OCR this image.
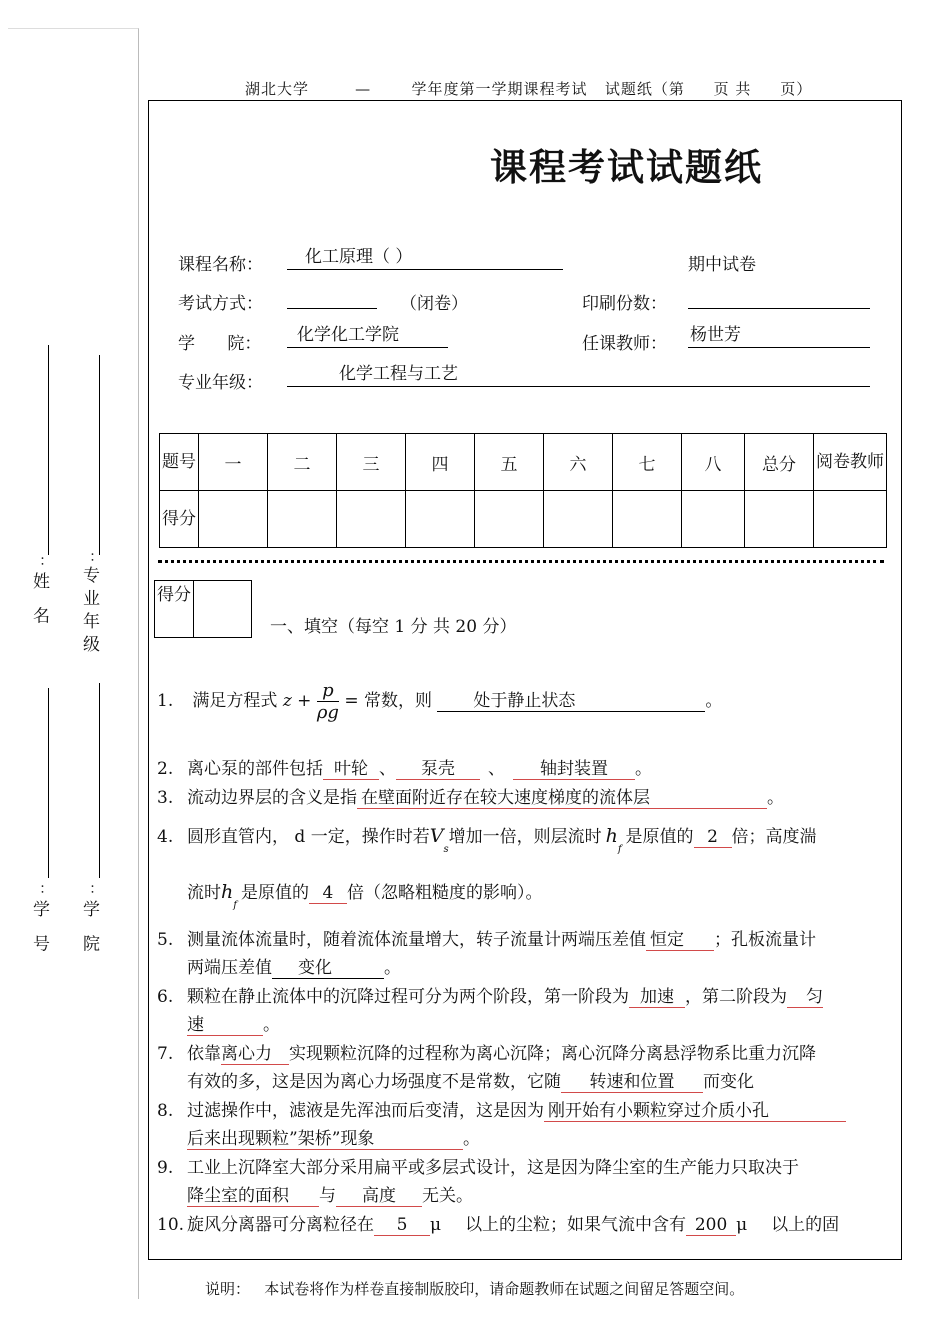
姓 名 专业年级
学 号 学 院
： ：
： ：
湖北大学        —       学年度第一学期课程考试   试题纸（第     页 共     页）
课程考试试题纸
课程名称： 化工原理（ ）	期中试卷
考试方式：	（闭卷）	印刷份数：
学      院： 化学化工学院	任课教师： 杨世芳
专业年级：	化学工程与工艺
题号	一	二	三	四	五	六	七	八	总分	阅卷教师
得分										
得分
一、填空（每空 1 分 共 20 分）
1. 满足方程式 $z + \frac{p}{\rho g}$ = 常数，则 处于静止状态	。
2. 离心泵的部件包括 叶轮 、 泵壳 、 轴封装置 。
3. 流动边界层的含义是指 在壁面附近存在较大速度梯度的流体层	。
4. 圆形直管内， d 一定，操作时若$V_s$增加一倍，则层流时 $h_f$是原值的 2 倍；高度湍
流时$h_f$是原值的 4 倍（忽略粗糙度的影响）。
5. 测量流体流量时，随着流体流量增大，转子流量计两端压差值 恒定 ；孔板流量计
两端压差值 变化	。
6. 颗粒在静止流体中的沉降过程可分为两个阶段，第一阶段为 加速 ，第二阶段为 匀
速	。
7. 依靠离心力 实现颗粒沉降的过程称为离心沉降；离心沉降分离悬浮物系比重力沉降
有效的多，这是因为离心力场强度不是常数，它随 转速和位置 而变化
8. 过滤操作中，滤液是先浑浊而后变清，这是因为 刚开始有小颗粒穿过介质小孔
后来出现颗粒”架桥”现象	。
9. 工业上沉降室大部分采用扁平或多层式设计，这是因为降尘室的生产能力只取决于
降尘室的面积 与 高度 无关。
10. 旋风分离器可分离粒径在 5 μ 以上的尘粒；如果气流中含有 200 μ 以上的固
说明：   本试卷将作为样卷直接制版胶印，请命题教师在试题之间留足答题空间。
